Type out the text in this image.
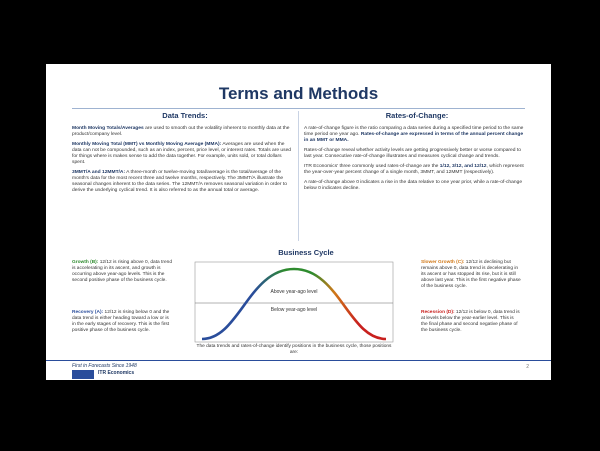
Terms and Methods
Data Trends:

Month Moving Totals/Averages are used to smooth out the volatility inherent to monthly data at the product/company level.

Monthly Moving Total (MMT) vs Monthly Moving Average (MMA): Averages are used when the data can not be compounded, such as an index, percent, price level, or interest rates. Totals are used for things where is makes sense to add the data together. For example, units sold, or total dollars spent.

3MMT/A and 12MMT/A: A three-month or twelve-moving total/average is the total/average of the month's data for the most recent three and twelve months, respectively. The 3MMT/A illustrate the seasonal changes inherent to the data series. The 12MMT/A removes seasonal variation in order to derive the underlying cyclical trend. It is also referred to as the annual total or average.

Rates-of-Change:

A rate-of-change figure is the ratio comparing a data series during a specified time period to the same time period one year ago. Rates-of-change are expressed in terms of the annual percent change in an MMT or MMA.

Rates-of-change reveal whether activity levels are getting progressively better or worse compared to last year. Consecutive rate-of-change illustrates and measures cyclical change and trends.

ITR Economics' three commonly used rates-of-change are the 1/12, 3/12, and 12/12, which represent the year-over-year percent change of a single month, 3MMT, and 12MMT (respectively).

A rate-of-change above 0 indicates a rise in the data relative to one year prior, while a rate-of-change below 0 indicates decline.

Business Cycle
Growth (B): 12/12 is rising above 0, data trend is accelerating in its ascent, and growth is occurring above year-ago levels. This is the second positive phase of the business cycle.
Recovery (A): 12/12 is rising below 0 and the data trend is either heading toward a low or is in the early stages of recovery. This is the first positive phase of the business cycle.
Slower Growth (C): 12/12 is declining but remains above 0, data trend is decelerating in its ascent or has stopped its rise, but it is still above last year. This is the first negative phase of the business cycle.
Recession (D): 12/12 is below 0, data trend is at levels below the year-earlier level. This is the final phase and second negative phase of the business cycle.
Above year-ago level
Below year-ago level
The data trends and rates-of-change identify positions in the business cycle, those positions are:
First in Forecasts Since 1948
ITR Economics
2
